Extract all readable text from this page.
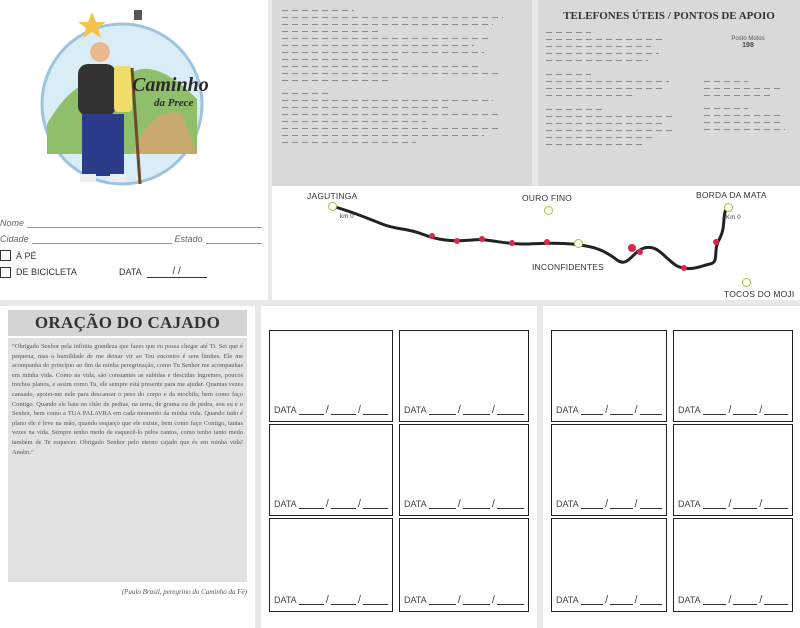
Caminho
da Prece
Nome
Cidade	Estado
À PÉ
DE BICICLETA	DATA	/ /
TELEFONES ÚTEIS / PONTOS DE APOIO
Posto Motos
198
JAGUTINGA
km 0
OURO FINO
INCONFIDENTES
BORDA DA MATA
Km 0
TOCOS DO MOJI
ORAÇÃO DO CAJADO
“Obrigado Senhor pela infinita grandeza que fazes que eu possa chegar até Ti. Sei que é pequena, mas a humildade de me deixar vir ao Teu encontro é sem limites. Ele me acompanha do princípio ao fim da minha peregrinação, como Tu Senhor me acompanhas em minha vida. Como na vida, são constantes as subidas e descidas íngremes, poucos trechos planos, e assim como Tu, ele sempre está presente para me ajudar. Quantas vezes cansado, apoiei-me nele para descansar o peso do corpo e da mochila, bem como faço Contigo. Quando ele bate no chão de pedras, na terra, de grama ou de pedra, sou eu e o Senhor, bem como a TUA PALAVRA em cada momento da minha vida. Quando tudo é plano ele é leve na mão, quando esqueço que ele existe, bem como faço Contigo, tantas vezes na vida. Sempre tenho medo de esquecê-lo pelos cantos, como tenho tanto medo também de Te esquecer. Obrigado Senhor pelo eterno cajado que és em minha vida! Amém.”
(Paulo Brasil, peregrino do Caminho da Fé)
DATA	/	/	DATA	/	/
DATA	/	/	DATA	/	/
DATA	/	/	DATA	/	/
DATA / /	DATA	/	/
DATA / /	DATA	/	/
DATA / /	DATA	/	/
